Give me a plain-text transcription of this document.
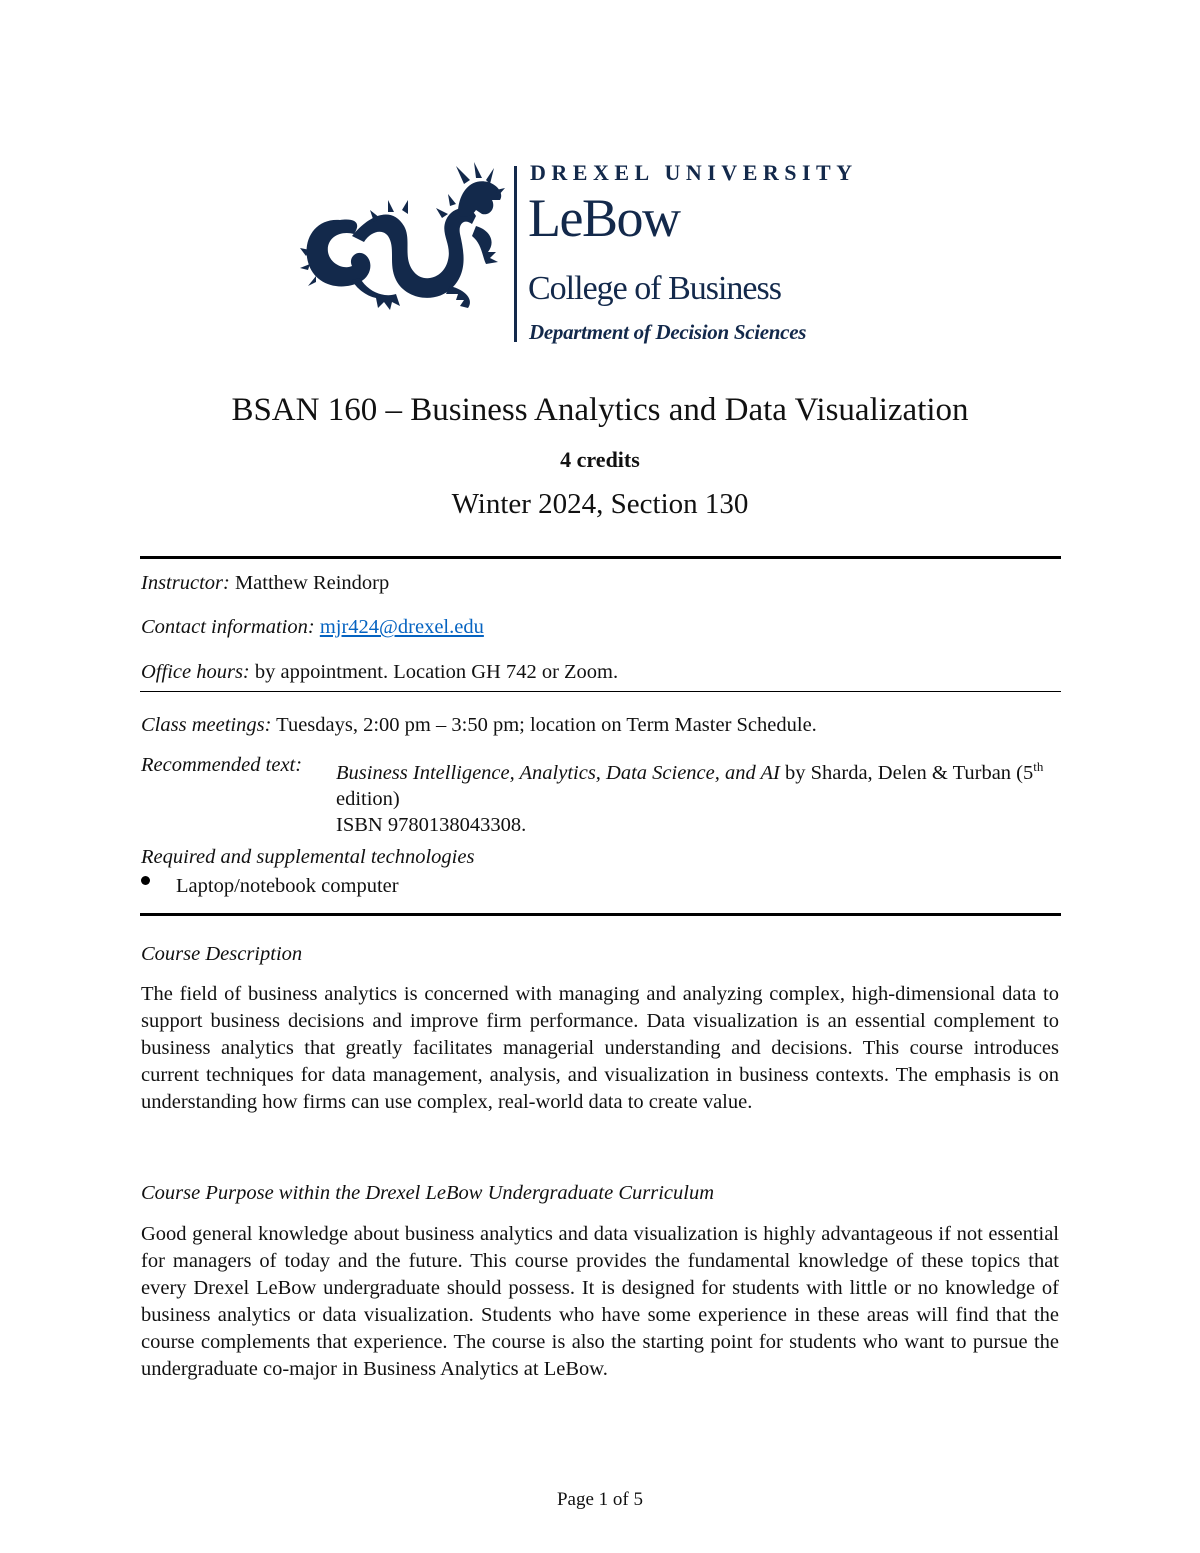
DREXEL UNIVERSITY
LeBow
College of Business
Department of Decision Sciences
BSAN 160 – Business Analytics and Data Visualization
4 credits
Winter 2024, Section 130
Instructor: Matthew Reindorp
Contact information: mjr424@drexel.edu
Office hours: by appointment. Location GH 742 or Zoom.
Class meetings: Tuesdays, 2:00 pm – 3:50 pm; location on Term Master Schedule.
Recommended text: Business Intelligence, Analytics, Data Science, and AI by Sharda, Delen & Turban (5th edition)
ISBN 9780138043308.
Required and supplemental technologies
Laptop/notebook computer
Course Description
The field of business analytics is concerned with managing and analyzing complex, high-dimensional data to support business decisions and improve firm performance. Data visualization is an essential complement to business analytics that greatly facilitates managerial understanding and decisions. This course introduces current techniques for data management, analysis, and visualization in business contexts. The emphasis is on understanding how firms can use complex, real-world data to create value.
Course Purpose within the Drexel LeBow Undergraduate Curriculum
Good general knowledge about business analytics and data visualization is highly advantageous if not essential for managers of today and the future. This course provides the fundamental knowledge of these topics that every Drexel LeBow undergraduate should possess. It is designed for students with little or no knowledge of business analytics or data visualization. Students who have some experience in these areas will find that the course complements that experience. The course is also the starting point for students who want to pursue the undergraduate co-major in Business Analytics at LeBow.
Page 1 of 5
